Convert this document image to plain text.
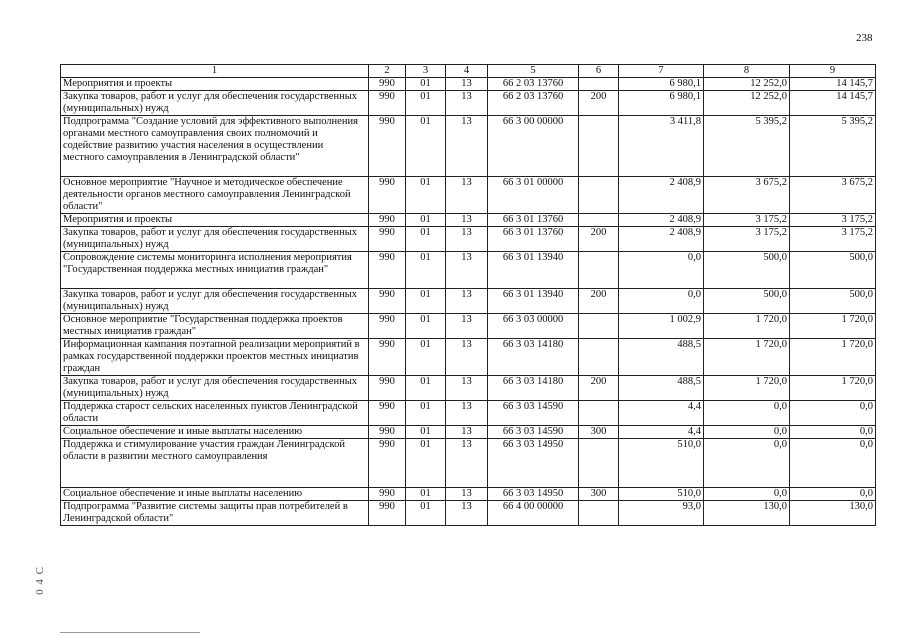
238
1	2	3	4	5	6	7	8	9
Мероприятия и проекты	990	01	13	66 2 03 13760		6 980,1	12 252,0	14 145,7
Закупка товаров, работ и услуг для обеспечения государственных (муниципальных) нужд	990	01	13	66 2 03 13760	200	6 980,1	12 252,0	14 145,7
Подпрограмма "Создание условий для эффективного выполнения органами местного самоуправления своих полномочий и содействие развитию участия населения в осуществлении местного самоуправления в Ленинградской области"	990	01	13	66 3 00 00000		3 411,8	5 395,2	5 395,2
Основное мероприятие "Научное и методическое обеспечение деятельности органов местного самоуправления Ленинградской области"	990	01	13	66 3 01 00000		2 408,9	3 675,2	3 675,2
Мероприятия и проекты	990	01	13	66 3 01 13760		2 408,9	3 175,2	3 175,2
Закупка товаров, работ и услуг для обеспечения государственных (муниципальных) нужд	990	01	13	66 3 01 13760	200	2 408,9	3 175,2	3 175,2
Сопровождение системы мониторинга исполнения мероприятия "Государственная поддержка местных инициатив граждан"	990	01	13	66 3 01 13940		0,0	500,0	500,0
Закупка товаров, работ и услуг для обеспечения государственных (муниципальных) нужд	990	01	13	66 3 01 13940	200	0,0	500,0	500,0
Основное мероприятие "Государственная поддержка проектов местных инициатив граждан"	990	01	13	66 3 03 00000		1 002,9	1 720,0	1 720,0
Информационная кампания поэтапной реализации мероприятий в рамках государственной поддержки проектов местных инициатив граждан	990	01	13	66 3 03 14180		488,5	1 720,0	1 720,0
Закупка товаров, работ и услуг для обеспечения государственных (муниципальных) нужд	990	01	13	66 3 03 14180	200	488,5	1 720,0	1 720,0
Поддержка старост сельских населенных пунктов Ленинградской области	990	01	13	66 3 03 14590		4,4	0,0	0,0
Социальное обеспечение и иные выплаты населению	990	01	13	66 3 03 14590	300	4,4	0,0	0,0
Поддержка и стимулирование участия граждан Ленинградской области в развитии местного самоуправления	990	01	13	66 3 03 14950		510,0	0,0	0,0
Социальное обеспечение и иные выплаты населению	990	01	13	66 3 03 14950	300	510,0	0,0	0,0
Подпрограмма "Развитие системы защиты прав потребителей в Ленинградской области"	990	01	13	66 4 00 00000		93,0	130,0	130,0
0 4 C
